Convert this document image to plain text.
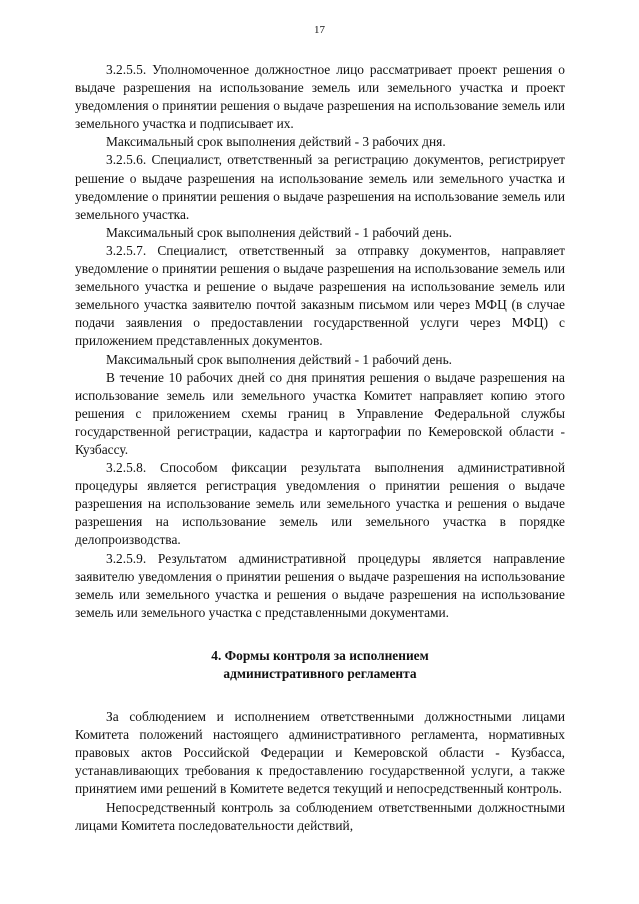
17

3.2.5.5. Уполномоченное должностное лицо рассматривает проект решения о выдаче разрешения на использование земель или земельного участка и проект уведомления о принятии решения о выдаче разрешения на использование земель или земельного участка и подписывает их.

Максимальный срок выполнения действий - 3 рабочих дня.

3.2.5.6. Специалист, ответственный за регистрацию документов, регистрирует решение о выдаче разрешения на использование земель или земельного участка и уведомление о принятии решения о выдаче разрешения на использование земель или земельного участка.

Максимальный срок выполнения действий - 1 рабочий день.

3.2.5.7. Специалист, ответственный за отправку документов, направляет уведомление о принятии решения о выдаче разрешения на использование земель или земельного участка и решение о выдаче разрешения на использование земель или земельного участка заявителю почтой заказным письмом или через МФЦ (в случае подачи заявления о предоставлении государственной услуги через МФЦ) с приложением представленных документов.

Максимальный срок выполнения действий - 1 рабочий день.

В течение 10 рабочих дней со дня принятия решения о выдаче разрешения на использование земель или земельного участка Комитет направляет копию этого решения с приложением схемы границ в Управление Федеральной службы государственной регистрации, кадастра и картографии по Кемеровской области - Кузбассу.

3.2.5.8. Способом фиксации результата выполнения административной процедуры является регистрация уведомления о принятии решения о выдаче разрешения на использование земель или земельного участка и решения о выдаче разрешения на использование земель или земельного участка в порядке делопроизводства.

3.2.5.9. Результатом административной процедуры является направление заявителю уведомления о принятии решения о выдаче разрешения на использование земель или земельного участка и решения о выдаче разрешения на использование земель или земельного участка с представленными документами.

4. Формы контроля за исполнением
административного регламента

За соблюдением и исполнением ответственными должностными лицами Комитета положений настоящего административного регламента, нормативных правовых актов Российской Федерации и Кемеровской области - Кузбасса, устанавливающих требования к предоставлению государственной услуги, а также принятием ими решений в Комитете ведется текущий и непосредственный контроль.

Непосредственный контроль за соблюдением ответственными должностными лицами Комитета последовательности действий,
